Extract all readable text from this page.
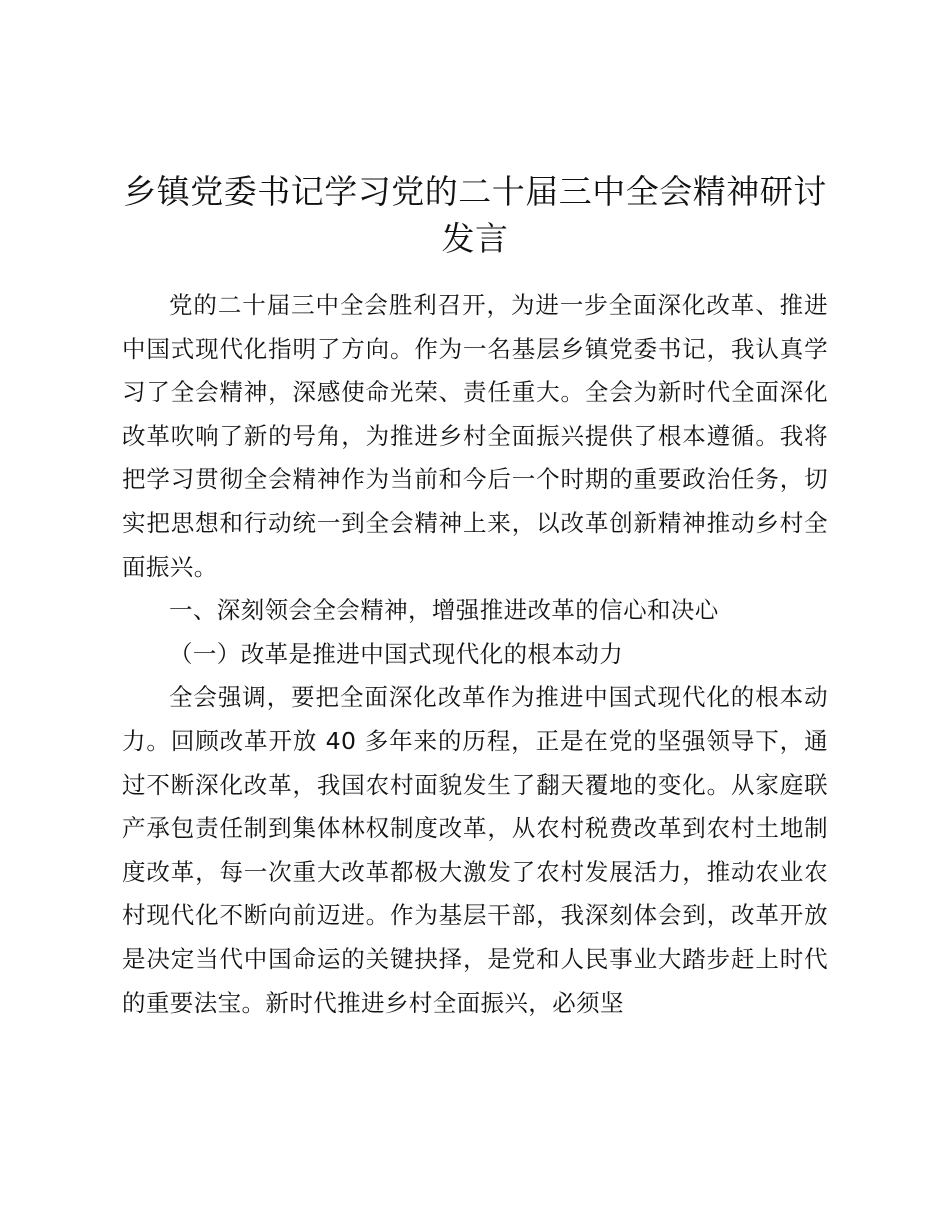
乡镇党委书记学习党的二十届三中全会精神研讨发言

党的二十届三中全会胜利召开，为进一步全面深化改革、推进中国式现代化指明了方向。作为一名基层乡镇党委书记，我认真学习了全会精神，深感使命光荣、责任重大。全会为新时代全面深化改革吹响了新的号角，为推进乡村全面振兴提供了根本遵循。我将把学习贯彻全会精神作为当前和今后一个时期的重要政治任务，切实把思想和行动统一到全会精神上来，以改革创新精神推动乡村全面振兴。

一、深刻领会全会精神，增强推进改革的信心和决心

（一）改革是推进中国式现代化的根本动力

全会强调，要把全面深化改革作为推进中国式现代化的根本动力。回顾改革开放 40 多年来的历程，正是在党的坚强领导下，通过不断深化改革，我国农村面貌发生了翻天覆地的变化。从家庭联产承包责任制到集体林权制度改革，从农村税费改革到农村土地制度改革，每一次重大改革都极大激发了农村发展活力，推动农业农村现代化不断向前迈进。作为基层干部，我深刻体会到，改革开放是决定当代中国命运的关键抉择，是党和人民事业大踏步赶上时代的重要法宝。新时代推进乡村全面振兴，必须坚
